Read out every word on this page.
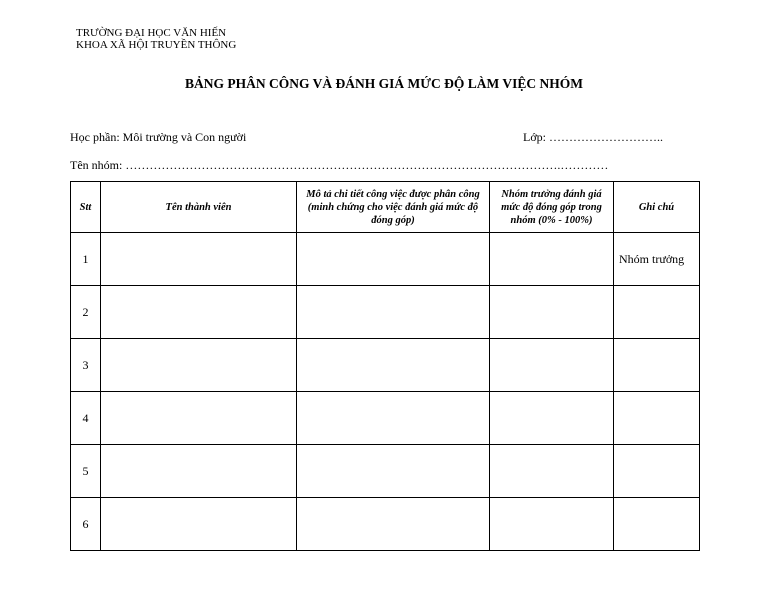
TRƯỜNG ĐẠI HỌC VĂN HIẾN
KHOA XÃ HỘI TRUYỀN THÔNG
BẢNG PHÂN CÔNG VÀ ĐÁNH GIÁ MỨC ĐỘ LÀM VIỆC NHÓM
Học phần: Môi trường và Con người	Lớp: ………………………..
Tên nhóm: ……………………………………………………………………………………………….…………
Stt	Tên thành viên	Mô tả chi tiết công việc được phân công (minh chứng cho việc đánh giá mức độ đóng góp)	Nhóm trưởng đánh giá mức độ đóng góp trong nhóm (0% - 100%)	Ghi chú
1				Nhóm trưởng
2				
3				
4				
5				
6				
